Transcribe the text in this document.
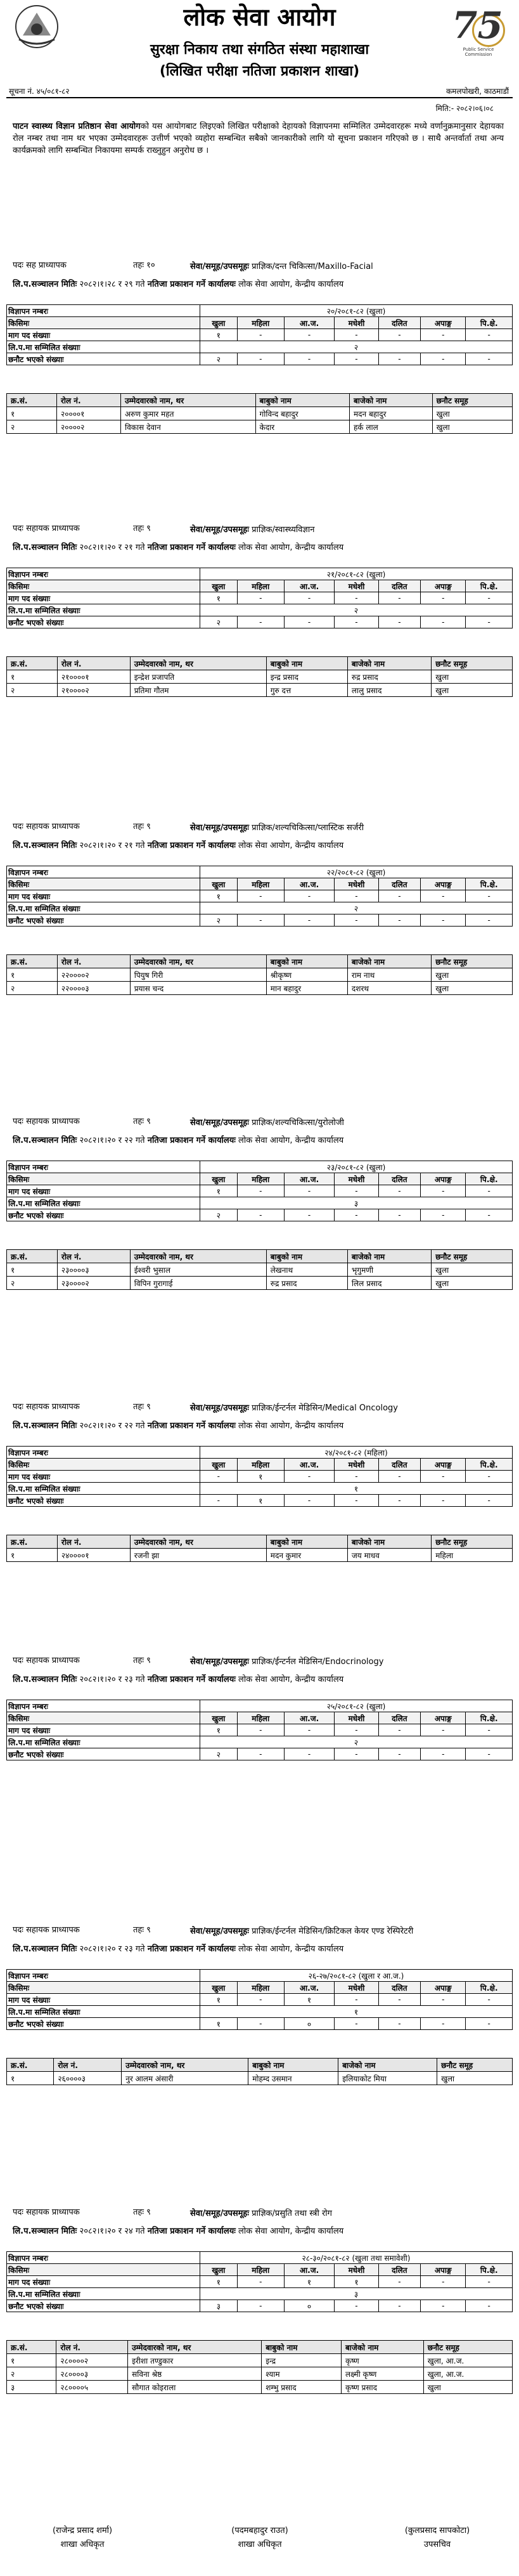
लोक सेवा आयोग	75
Public Service Commission
सुरक्षा निकाय तथा संगठित संस्था महाशाखा
(लिखित परीक्षा नतिजा प्रकाशन शाखा)
सूचना नं. ४५/०८१-८२	कमलपोखरी, काठमाडौं
मिति:- २०८२।०६।०८
पाटन स्वास्थ्य विज्ञान प्रतिष्ठान सेवा आयोगको यस आयोगबाट लिइएको लिखित परीक्षाको देहायको विज्ञापनमा सम्मिलित उम्मेदवारहरू मध्ये वर्णानुक्रमानुसार देहायका रोल नम्बर तथा नाम थर भएका उम्मेदवारहरू उत्तीर्ण भएको व्यहोरा सम्बन्धित सबैको जानकारीको लागि यो सूचना प्रकाशन गरिएको छ । साथै अन्तर्वार्ता तथा अन्य कार्यक्रमको लागि सम्बन्धित निकायमा सम्पर्क राख्नुहुन अनुरोध छ ।
पदः सह प्राध्यापक	तहः १०	सेवा/समूह/उपसमूहः प्राज्ञिक/दन्त चिकित्सा/Maxillo-Facial
लि.प.सञ्चालन मितिः २०८२।१।२८ र २९ गते नतिजा प्रकाशन गर्ने कार्यालयः लोक सेवा आयोग, केन्द्रीय कार्यालय
विज्ञापन नम्बरः	२०/२०८१-८२ (खुला)						
किसिमः	खुला	महिला	आ.ज.	मधेशी	दलित	अपाङ्ग	पि.क्षे.
माग पद संख्याः	१	-	-	-	-	-	-
लि.प.मा सम्मिलित संख्याः	२						
छनौट भएको संख्याः	२	-	-	-	-	-	-
क्र.सं.	रोल नं.	उम्मेदवारको नाम, थर	बाबुको नाम	बाजेको नाम	छनौट समूह
१	२००००१	अरुण कुमार महत	गोविन्द बहादुर	मदन बहादुर	खुला
२	२००००२	विकास देवान	केदार	हर्क लाल	खुला
पदः सहायक प्राध्यापक	तहः ९	सेवा/समूह/उपसमूहः प्राज्ञिक/स्वास्थ्यविज्ञान
लि.प.सञ्चालन मितिः २०८२।१।२० र २१ गते नतिजा प्रकाशन गर्ने कार्यालयः लोक सेवा आयोग, केन्द्रीय कार्यालय
विज्ञापन नम्बरः	२१/२०८१-८२ (खुला)						
किसिमः	खुला	महिला	आ.ज.	मधेशी	दलित	अपाङ्ग	पि.क्षे.
माग पद संख्याः	१	-	-	-	-	-	-
लि.प.मा सम्मिलित संख्याः	२						
छनौट भएको संख्याः	२	-	-	-	-	-	-
क्र.सं.	रोल नं.	उम्मेदवारको नाम, थर	बाबुको नाम	बाजेको नाम	छनौट समूह
१	२१००००१	इन्द्रेश प्रजापति	इन्द्र प्रसाद	रुद्र प्रसाद	खुला
२	२१००००२	प्रतिमा गौतम	गुरु दत्त	लालु प्रसाद	खुला
पदः सहायक प्राध्यापक	तहः ९	सेवा/समूह/उपसमूहः प्राज्ञिक/शल्यचिकित्सा/प्लास्टिक सर्जरी
लि.प.सञ्चालन मितिः २०८२।१।२० र २१ गते नतिजा प्रकाशन गर्ने कार्यालयः लोक सेवा आयोग, केन्द्रीय कार्यालय
विज्ञापन नम्बरः	२२/२०८१-८२ (खुला)						
किसिमः	खुला	महिला	आ.ज.	मधेशी	दलित	अपाङ्ग	पि.क्षे.
माग पद संख्याः	१	-	-	-	-	-	-
लि.प.मा सम्मिलित संख्याः	२						
छनौट भएको संख्याः	२	-	-	-	-	-	-
क्र.सं.	रोल नं.	उम्मेदवारको नाम, थर	बाबुको नाम	बाजेको नाम	छनौट समूह
१	२२००००२	पियुष गिरी	श्रीकृष्ण	राम नाथ	खुला
२	२२००००३	प्रयास चन्द	मान बहादुर	दशरथ	खुला
पदः सहायक प्राध्यापक	तहः ९	सेवा/समूह/उपसमूहः प्राज्ञिक/शल्यचिकित्सा/युरोलोजी
लि.प.सञ्चालन मितिः २०८२।१।२० र २२ गते नतिजा प्रकाशन गर्ने कार्यालयः लोक सेवा आयोग, केन्द्रीय कार्यालय
विज्ञापन नम्बरः	२३/२०८१-८२ (खुला)						
किसिमः	खुला	महिला	आ.ज.	मधेशी	दलित	अपाङ्ग	पि.क्षे.
माग पद संख्याः	१	-	-	-	-	-	-
लि.प.मा सम्मिलित संख्याः	३						
छनौट भएको संख्याः	२	-	-	-	-	-	-
क्र.सं.	रोल नं.	उम्मेदवारको नाम, थर	बाबुको नाम	बाजेको नाम	छनौट समूह
१	२३००००३	ईश्वरी भुसाल	लेखनाथ	भृगुमणी	खुला
२	२३००००२	विपिन गुरागाई	रुद्र प्रसाद	लिल प्रसाद	खुला
पदः सहायक प्राध्यापक	तहः ९	सेवा/समूह/उपसमूहः प्राज्ञिक/ईन्टर्नल मेडिसिन/Medical Oncology
लि.प.सञ्चालन मितिः २०८२।१।२० र २२ गते नतिजा प्रकाशन गर्ने कार्यालयः लोक सेवा आयोग, केन्द्रीय कार्यालय
विज्ञापन नम्बरः	२४/२०८१-८२ (महिला)						
किसिमः	खुला	महिला	आ.ज.	मधेशी	दलित	अपाङ्ग	पि.क्षे.
माग पद संख्याः	-	१	-	-	-	-	-
लि.प.मा सम्मिलित संख्याः	१						
छनौट भएको संख्याः	-	१	-	-	-	-	-
क्र.सं.	रोल नं.	उम्मेदवारको नाम, थर	बाबुको नाम	बाजेको नाम	छनौट समूह
१	२४००००१	रजनी झा	मदन कुमार	जय माधव	महिला
पदः सहायक प्राध्यापक	तहः ९	सेवा/समूह/उपसमूहः प्राज्ञिक/ईन्टर्नल मेडिसिन/Endocrinology
लि.प.सञ्चालन मितिः २०८२।१।२० र २३ गते नतिजा प्रकाशन गर्ने कार्यालयः लोक सेवा आयोग, केन्द्रीय कार्यालय
विज्ञापन नम्बरः	२५/२०८१-८२ (खुला)						
किसिमः	खुला	महिला	आ.ज.	मधेशी	दलित	अपाङ्ग	पि.क्षे.
माग पद संख्याः	१	-	-	-	-	-	-
लि.प.मा सम्मिलित संख्याः	२						
छनौट भएको संख्याः	२	-	-	-	-	-	-
पदः सहायक प्राध्यापक	तहः ९	सेवा/समूह/उपसमूहः प्राज्ञिक/ईन्टर्नल मेडिसिन/क्रिटिकल केयर एण्ड रेस्पिरेटरी
लि.प.सञ्चालन मितिः २०८२।१।२० र २३ गते नतिजा प्रकाशन गर्ने कार्यालयः लोक सेवा आयोग, केन्द्रीय कार्यालय
विज्ञापन नम्बरः	२६-२७/२०८१-८२ (खुला र आ.ज.)						
किसिमः	खुला	महिला	आ.ज.	मधेशी	दलित	अपाङ्ग	पि.क्षे.
माग पद संख्याः	१	-	१	-	-	-	-
लि.प.मा सम्मिलित संख्याः	१						
छनौट भएको संख्याः	१	-	०	-	-	-	-
क्र.सं.	रोल नं.	उम्मेदवारको नाम, थर	बाबुको नाम	बाजेको नाम	छनौट समूह
१	२६००००३	नुर आलम अंसारी	मोहम्द उसमान	इलियाकोट मिया	खुला
पदः सहायक प्राध्यापक	तहः ९	सेवा/समूह/उपसमूहः प्राज्ञिक/प्रसुति तथा स्त्री रोग
लि.प.सञ्चालन मितिः २०८२।१।२० र २४ गते नतिजा प्रकाशन गर्ने कार्यालयः लोक सेवा आयोग, केन्द्रीय कार्यालय
विज्ञापन नम्बरः	२८-३०/२०८१-८२ (खुला तथा समावेशी)						
किसिमः	खुला	महिला	आ.ज.	मधेशी	दलित	अपाङ्ग	पि.क्षे.
माग पद संख्याः	१	-	१	१	-	-	-
लि.प.मा सम्मिलित संख्याः	३						
छनौट भएको संख्याः	३	-	०	-	-	-	-
क्र.सं.	रोल नं.	उम्मेदवारको नाम, थर	बाबुको नाम	बाजेको नाम	छनौट समूह
१	२८००००२	इरीशा तण्डुकार	इन्द्र	कृष्ण	खुला, आ.ज.
२	२८००००३	सविना श्रेष्ठ	श्याम	लक्ष्मी कृष्ण	खुला, आ.ज.
३	२८००००५	सौगात कोइराला	शम्भु प्रसाद	कृष्ण प्रसाद	खुला
(राजेन्द्र प्रसाद शर्मा)
शाखा अधिकृत
(पदमबहादुर राउत)
शाखा अधिकृत
(कुलप्रसाद सापकोटा)
उपसचिव
